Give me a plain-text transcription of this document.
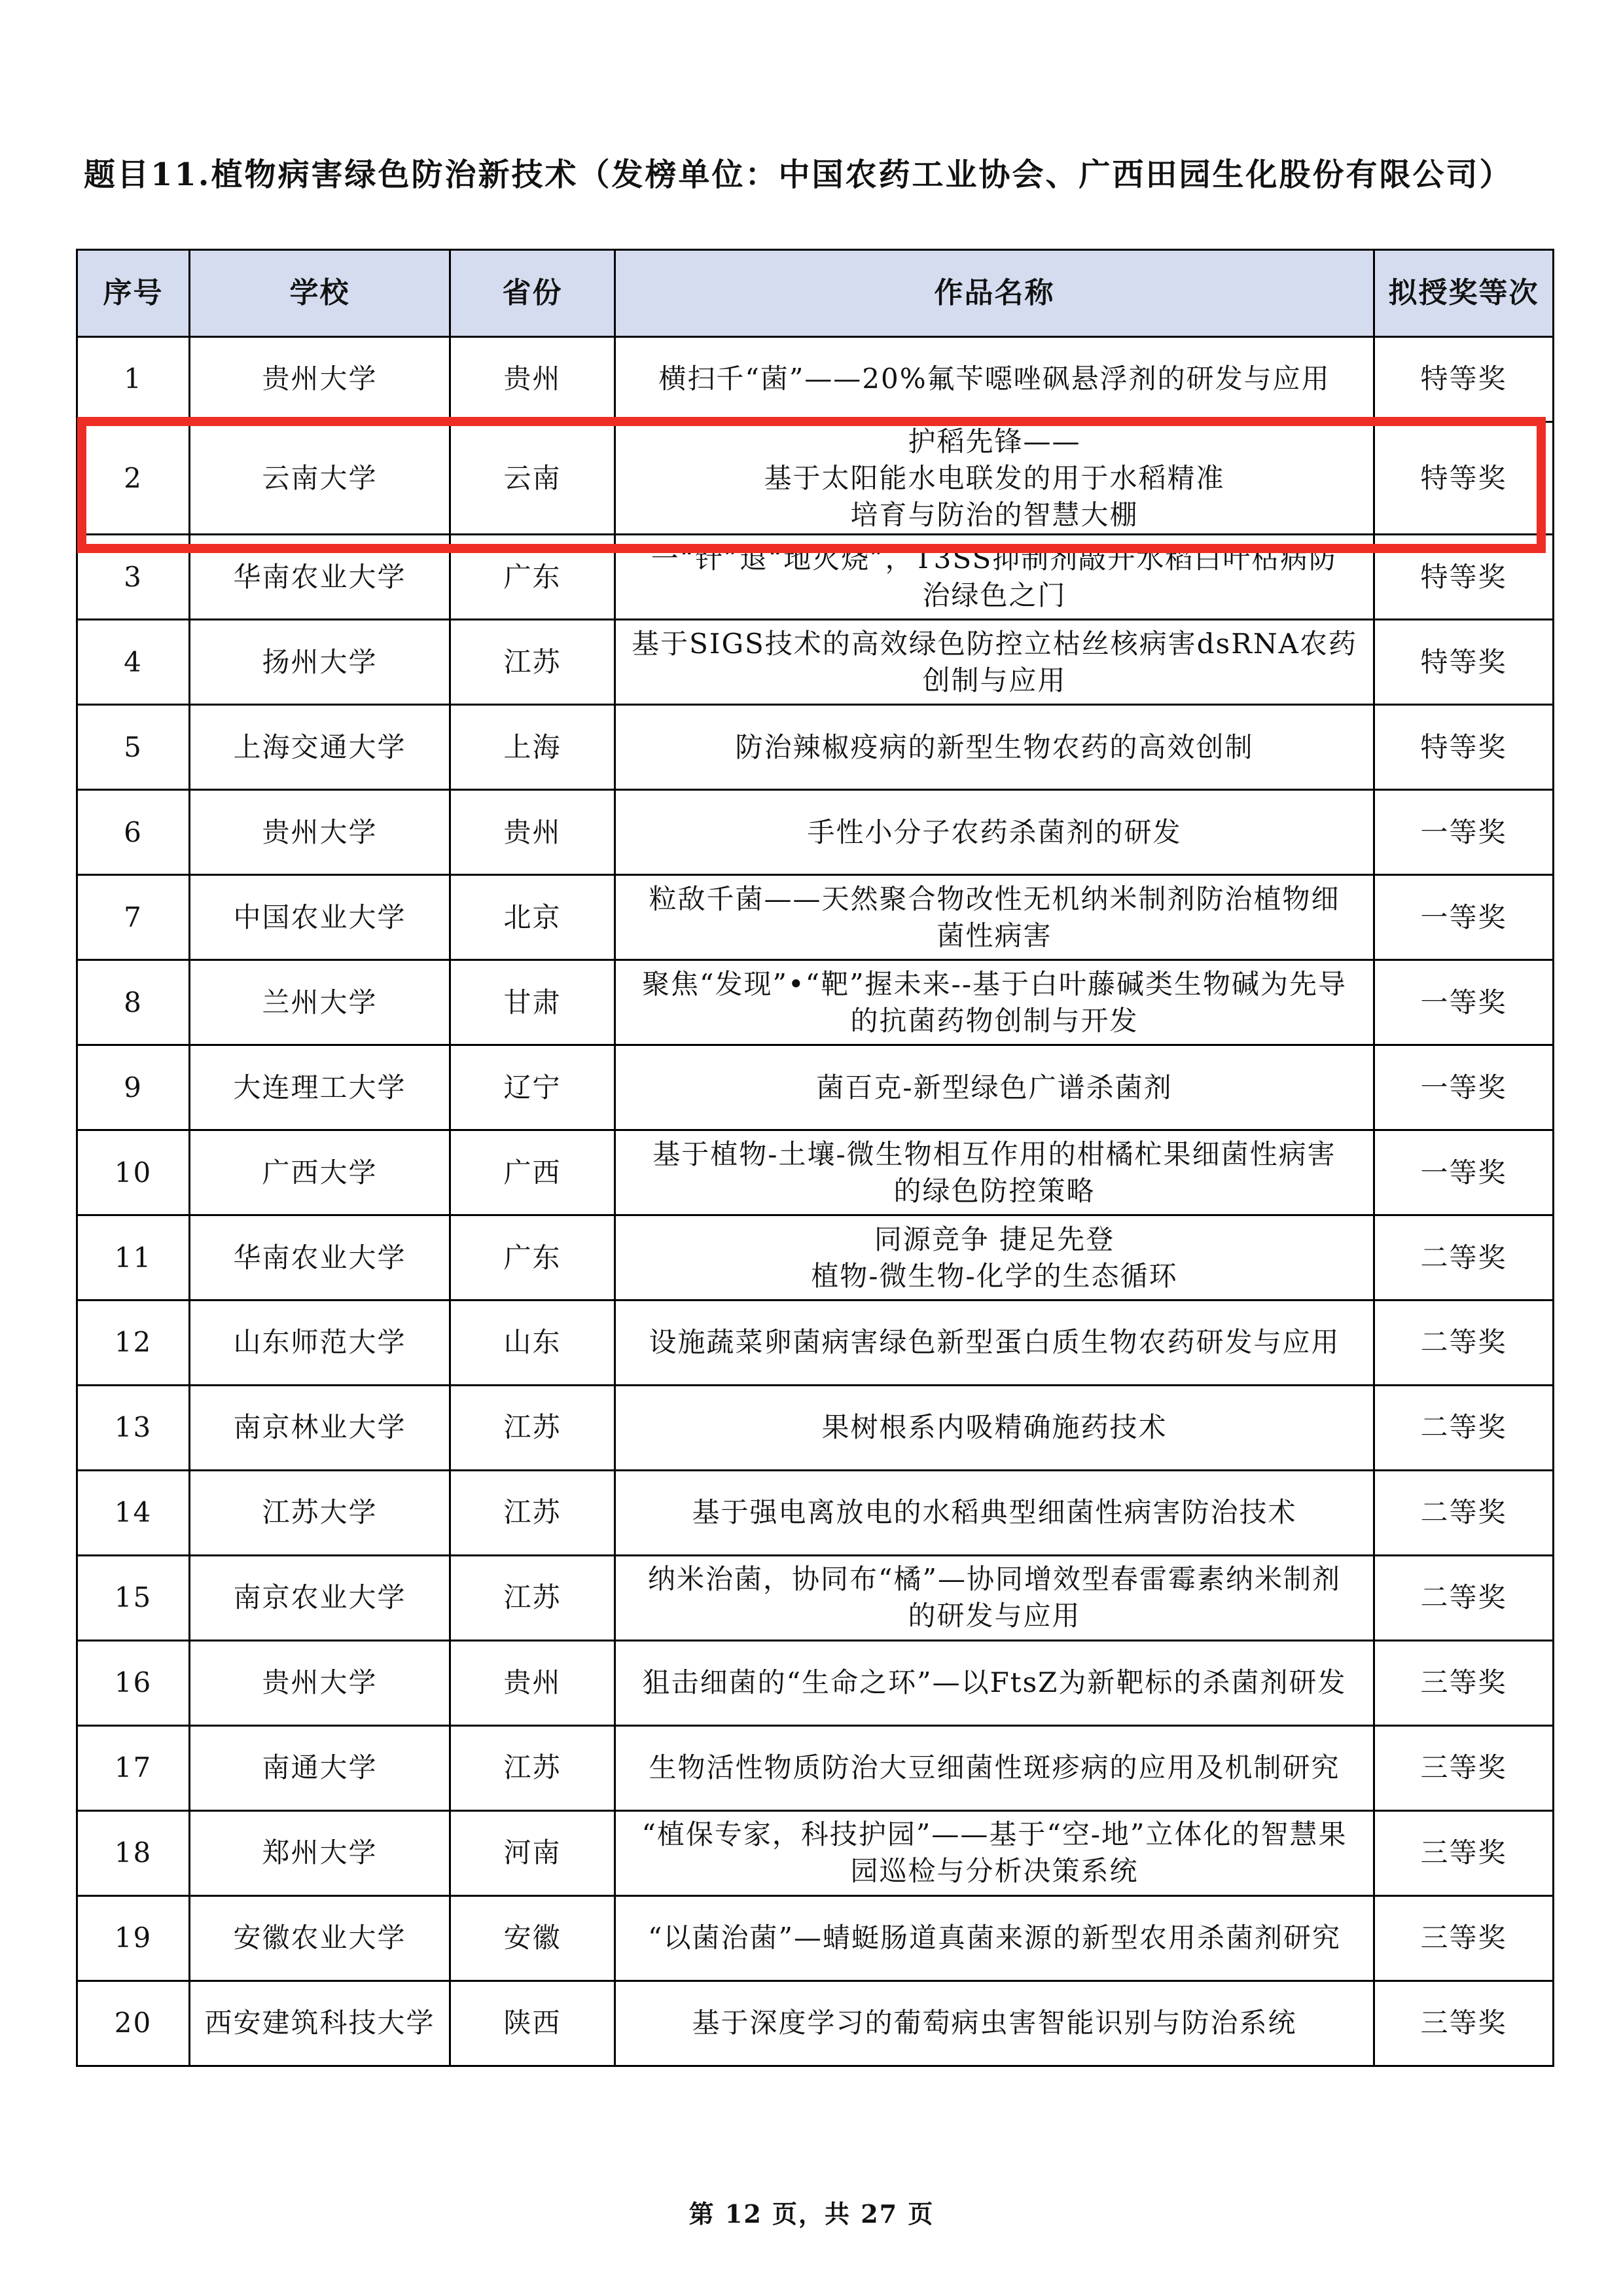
题目11.植物病害绿色防治新技术（发榜单位：中国农药工业协会、广西田园生化股份有限公司）
序号	学校	省份	作品名称	拟授奖等次
1	贵州大学	贵州	横扫千“菌”——20%氟苄噁唑砜悬浮剂的研发与应用	特等奖
2	云南大学	云南	护稻先锋——
基于太阳能水电联发的用于水稻精准
培育与防治的智慧大棚	特等奖
3	华南农业大学	广东	一“针”退“地火烧”，T3SS抑制剂敲开水稻白叶枯病防
治绿色之门	特等奖
4	扬州大学	江苏	基于SIGS技术的高效绿色防控立枯丝核病害dsRNA农药
创制与应用	特等奖
5	上海交通大学	上海	防治辣椒疫病的新型生物农药的高效创制	特等奖
6	贵州大学	贵州	手性小分子农药杀菌剂的研发	一等奖
7	中国农业大学	北京	粒敌千菌——天然聚合物改性无机纳米制剂防治植物细
菌性病害	一等奖
8	兰州大学	甘肃	聚焦“发现”•“靶”握未来--基于白叶藤碱类生物碱为先导
的抗菌药物创制与开发	一等奖
9	大连理工大学	辽宁	菌百克-新型绿色广谱杀菌剂	一等奖
10	广西大学	广西	基于植物-土壤-微生物相互作用的柑橘杧果细菌性病害
的绿色防控策略	一等奖
11	华南农业大学	广东	同源竞争 捷足先登
植物-微生物-化学的生态循环	二等奖
12	山东师范大学	山东	设施蔬菜卵菌病害绿色新型蛋白质生物农药研发与应用	二等奖
13	南京林业大学	江苏	果树根系内吸精确施药技术	二等奖
14	江苏大学	江苏	基于强电离放电的水稻典型细菌性病害防治技术	二等奖
15	南京农业大学	江苏	纳米治菌，协同布“橘”—协同增效型春雷霉素纳米制剂
的研发与应用	二等奖
16	贵州大学	贵州	狙击细菌的“生命之环”—以FtsZ为新靶标的杀菌剂研发	三等奖
17	南通大学	江苏	生物活性物质防治大豆细菌性斑疹病的应用及机制研究	三等奖
18	郑州大学	河南	“植保专家，科技护园”——基于“空-地”立体化的智慧果
园巡检与分析决策系统	三等奖
19	安徽农业大学	安徽	“以菌治菌”—蜻蜓肠道真菌来源的新型农用杀菌剂研究	三等奖
20	西安建筑科技大学	陕西	基于深度学习的葡萄病虫害智能识别与防治系统	三等奖
第 12 页，共 27 页
